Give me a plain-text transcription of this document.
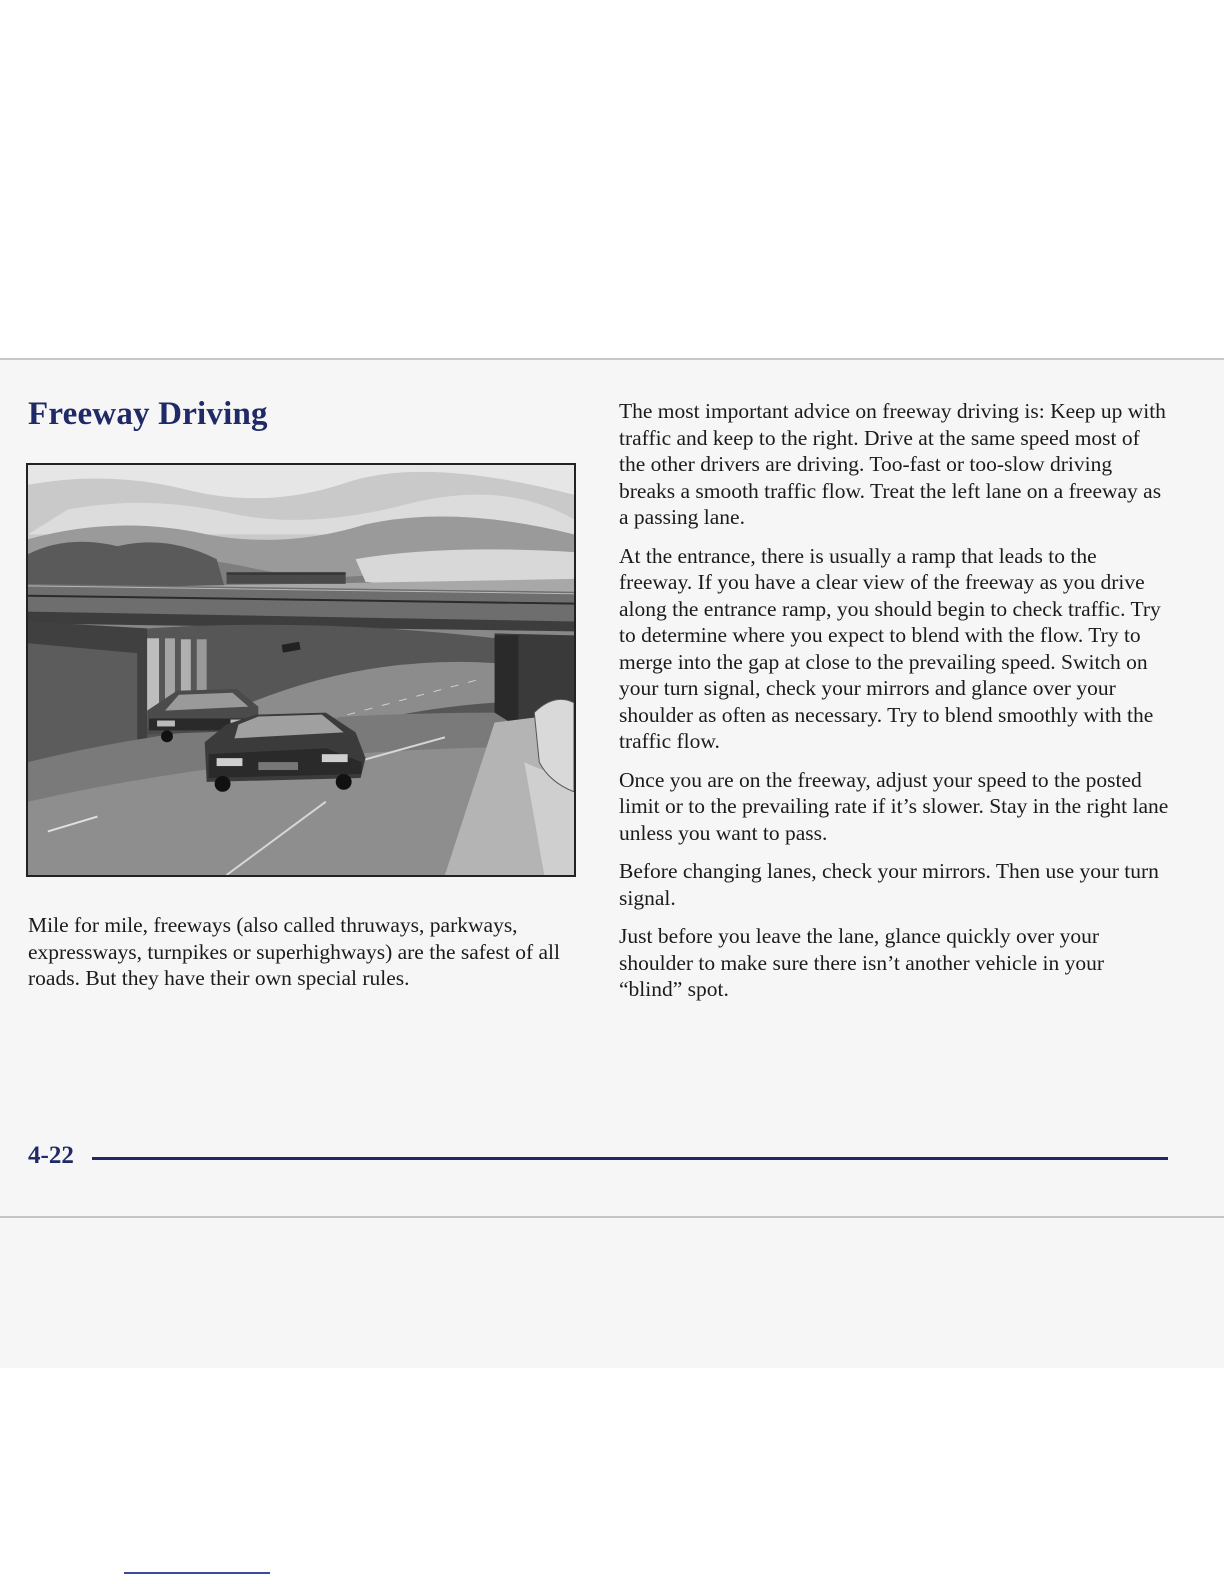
Freeway Driving

Mile for mile, freeways (also called thruways, parkways, expressways, turnpikes or superhighways) are the safest of all roads. But they have their own special rules.

The most important advice on freeway driving is: Keep up with traffic and keep to the right. Drive at the same speed most of the other drivers are driving. Too-fast or too-slow driving breaks a smooth traffic flow. Treat the left lane on a freeway as a passing lane.

At the entrance, there is usually a ramp that leads to the freeway. If you have a clear view of the freeway as you drive along the entrance ramp, you should begin to check traffic. Try to determine where you expect to blend with the flow. Try to merge into the gap at close to the prevailing speed. Switch on your turn signal, check your mirrors and glance over your shoulder as often as necessary. Try to blend smoothly with the traffic flow.

Once you are on the freeway, adjust your speed to the posted limit or to the prevailing rate if it’s slower. Stay in the right lane unless you want to pass.

Before changing lanes, check your mirrors. Then use your turn signal.

Just before you leave the lane, glance quickly over your shoulder to make sure there isn’t another vehicle in your “blind” spot.

4-22
